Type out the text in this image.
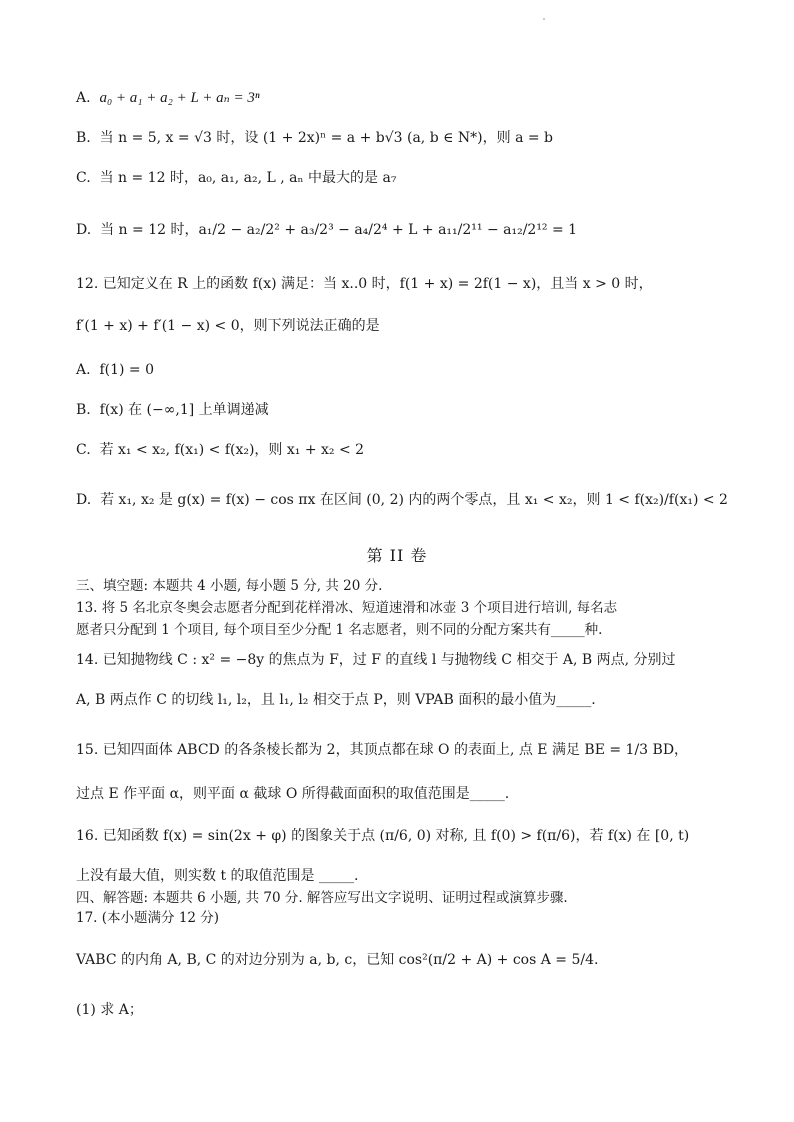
A. a₀ + a₁ + a₂ + L + aₙ = 3ⁿ
B. 当 n = 5, x = √3 时，设 (1 + 2x)ⁿ = a + b√3 (a, b ∈ N*)，则 a = b
C. 当 n = 12 时，a₀, a₁, a₂, L , aₙ 中最大的是 a₇
D. 当 n = 12 时，a₁/2 − a₂/2² + a₃/2³ − a₄/2⁴ + L + a₁₁/2¹¹ − a₁₂/2¹² = 1
12. 已知定义在 R 上的函数 f(x) 满足：当 x..0 时，f(1 + x) = 2f(1 − x)，且当 x > 0 时，
f′(1 + x) + f′(1 − x) < 0，则下列说法正确的是
A. f(1) = 0
B. f(x) 在 (−∞,1] 上单调递减
C. 若 x₁ < x₂, f(x₁) < f(x₂)，则 x₁ + x₂ < 2
D. 若 x₁, x₂ 是 g(x) = f(x) − cos πx 在区间 (0, 2) 内的两个零点，且 x₁ < x₂，则 1 < f(x₂)/f(x₁) < 2
第 II 卷
三、填空题: 本题共 4 小题, 每小题 5 分, 共 20 分.
13. 将 5 名北京冬奥会志愿者分配到花样滑冰、短道速滑和冰壶 3 个项目进行培训, 每名志
愿者只分配到 1 个项目, 每个项目至少分配 1 名志愿者，则不同的分配方案共有_____种.
14. 已知抛物线 C : x² = −8y 的焦点为 F，过 F 的直线 l 与抛物线 C 相交于 A, B 两点, 分别过
A, B 两点作 C 的切线 l₁, l₂，且 l₁, l₂ 相交于点 P，则 VPAB 面积的最小值为_____.
15. 已知四面体 ABCD 的各条棱长都为 2，其顶点都在球 O 的表面上, 点 E 满足 BE = 1/3 BD，
过点 E 作平面 α，则平面 α 截球 O 所得截面面积的取值范围是_____.
16. 已知函数 f(x) = sin(2x + φ) 的图象关于点 (π/6, 0) 对称, 且 f(0) > f(π/6)，若 f(x) 在 [0, t)
上没有最大值，则实数 t 的取值范围是 _____.
四、解答题: 本题共 6 小题, 共 70 分. 解答应写出文字说明、证明过程或演算步骤.
17. (本小题满分 12 分)
VABC 的内角 A, B, C 的对边分别为 a, b, c，已知 cos²(π/2 + A) + cos A = 5/4.
(1) 求 A；
